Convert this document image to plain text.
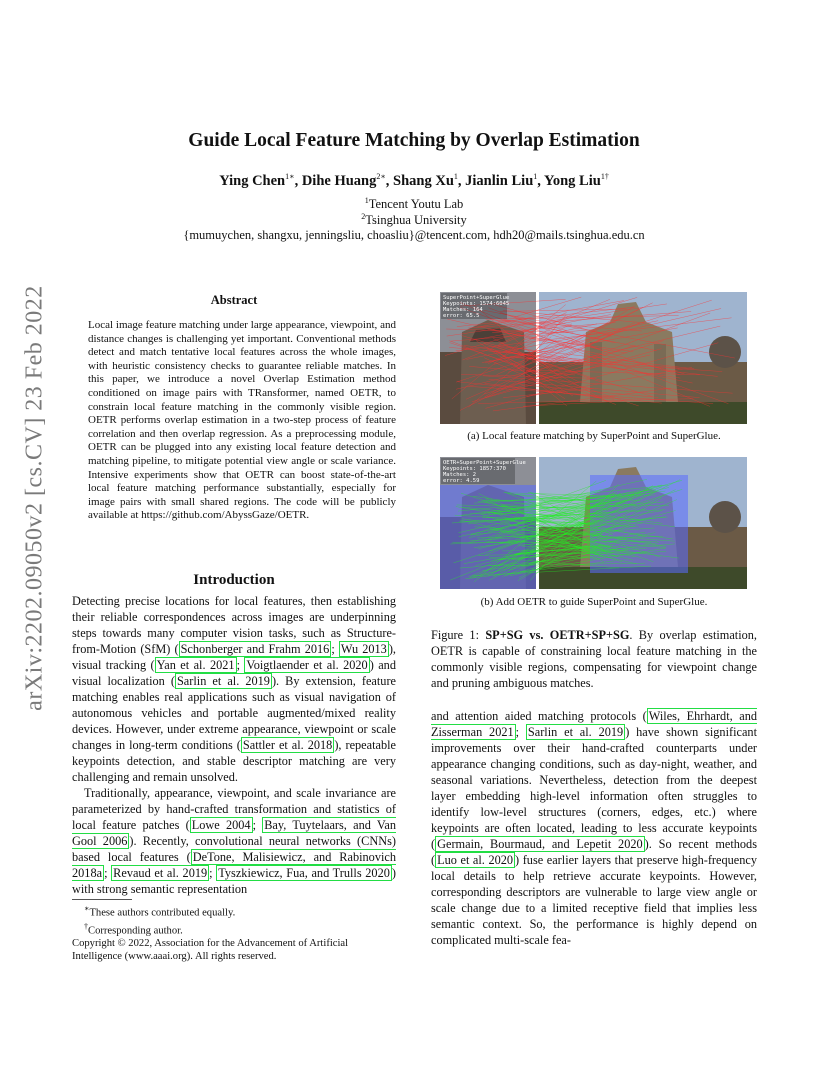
Guide Local Feature Matching by Overlap Estimation
Ying Chen$^{1∗}$, Dihe Huang$^{2∗}$, Shang Xu$^1$, Jianlin Liu$^1$, Yong Liu$^{1\dagger}$
$^1$Tencent Youtu Lab
$^2$Tsinghua University
{mumuychen, shangxu, jenningsliu, choasliu}@tencent.com, hdh20@mails.tsinghua.edu.cn
arXiv:2202.09050v2 [cs.CV] 23 Feb 2022	Abstract
Local image feature matching under large appearance, viewpoint, and distance changes is challenging yet important. Conventional methods detect and match tentative local features across the whole images, with heuristic consistency checks to guarantee reliable matches. In this paper, we introduce a novel Overlap Estimation method conditioned on image pairs with TRansformer, named OETR, to constrain local feature matching in the commonly visible region. OETR performs overlap estimation in a two-step process of feature correlation and then overlap regression. As a preprocessing module, OETR can be plugged into any existing local feature detection and matching pipeline, to mitigate potential view angle or scale variance. Intensive experiments show that OETR can boost state-of-the-art local feature matching performance substantially, especially for image pairs with small shared regions. The code will be publicly available at https://github.com/AbyssGaze/OETR.
Introduction

Detecting precise locations for local features, then establishing their reliable correspondences across images are underpinning steps towards many computer vision tasks, such as Structure-from-Motion (SfM) ( Schonberger and Frahm 2016 ; Wu 2013 ), visual tracking ( Yan et al. 2021 ; Voigtlaender et al. 2020 ) and visual localization ( Sarlin et al. 2019 ). By extension, feature matching enables real applications such as visual navigation of autonomous vehicles and portable augmented/mixed reality devices. However, under extreme appearance, viewpoint or scale changes in long-term conditions ( Sattler et al. 2018 ), repeatable keypoints detection, and stable descriptor matching are very challenging and remain unsolved.

Traditionally, appearance, viewpoint, and scale invariance are parameterized by hand-crafted transformation and statistics of local feature patches ( Lowe 2004 ; Bay, Tuytelaars, and Van Gool 2006 ). Recently, convolutional neural networks (CNNs) based local features ( DeTone, Malisiewicz, and Rabinovich 2018a ; Revaud et al. 2019 ; Tyszkiewicz, Fua, and Trulls 2020 ) with strong semantic representation

∗These authors contributed equally.
†Corresponding author.
Copyright © 2022, Association for the Advancement of Artificial Intelligence (www.aaai.org). All rights reserved.
SuperPoint+SuperGlue
Keypoints: 1574:6045
Matches: 164
error: 65.5
(a) Local feature matching by SuperPoint and SuperGlue.
OETR+SuperPoint+SuperGlue
Keypoints: 1857:370
Matches: 2
error: 4.59
(b) Add OETR to guide SuperPoint and SuperGlue.
Figure 1: SP+SG vs. OETR+SP+SG. By overlap estimation, OETR is capable of constraining local feature matching in the commonly visible regions, compensating for viewpoint change and pruning ambiguous matches.

and attention aided matching protocols ( Wiles, Ehrhardt, and Zisserman 2021 ; Sarlin et al. 2019 ) have shown significant improvements over their hand-crafted counterparts under appearance changing conditions, such as day-night, weather, and seasonal variations. Nevertheless, detection from the deepest layer embedding high-level information often struggles to identify low-level structures (corners, edges, etc.) where keypoints are often located, leading to less accurate keypoints ( Germain, Bourmaud, and Lepetit 2020 ). So recent methods ( Luo et al. 2020 ) fuse earlier layers that preserve high-frequency local details to help retrieve accurate keypoints. However, corresponding descriptors are vulnerable to large view angle or scale change due to a limited receptive field that implies less semantic context. So, the performance is highly depend on complicated multi-scale fea-
